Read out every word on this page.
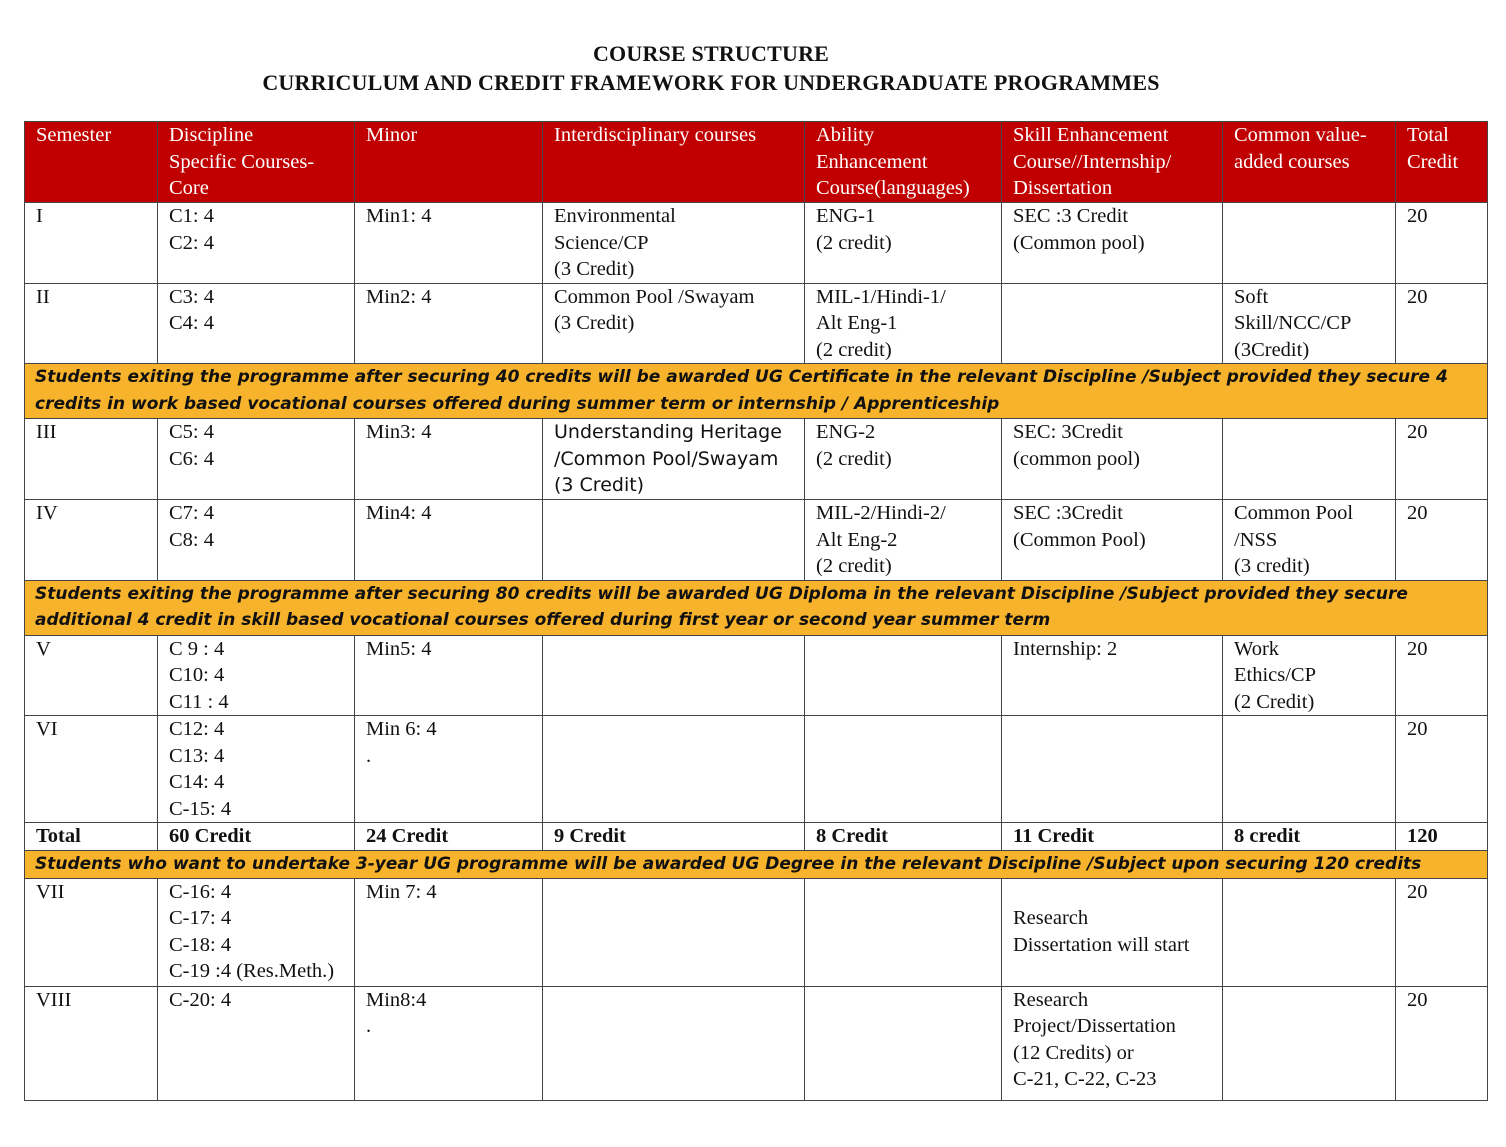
COURSE STRUCTURE
CURRICULUM AND CREDIT FRAMEWORK FOR UNDERGRADUATE PROGRAMMES
Semester	Discipline
Specific Courses-
Core	Minor	Interdisciplinary courses	Ability
Enhancement
Course(languages)	Skill Enhancement
Course//Internship/
Dissertation	Common value-
added courses	Total
Credit
I	C1: 4
C2: 4	Min1: 4	Environmental
Science/CP
(3 Credit)	ENG-1
(2 credit)	SEC :3 Credit
(Common pool)		20
II	C3: 4
C4: 4	Min2: 4	Common Pool /Swayam
(3 Credit)	MIL-1/Hindi-1/
Alt Eng-1
(2 credit)		Soft
Skill/NCC/CP
(3Credit)	20
Students exiting the programme after securing 40 credits will be awarded UG Certificate in the relevant Discipline /Subject provided they secure 4 credits in work based vocational courses offered during summer term or internship / Apprenticeship							
III	C5: 4
C6: 4	Min3: 4	Understanding Heritage
/Common Pool/Swayam
(3 Credit)	ENG-2
(2 credit)	SEC: 3Credit
(common pool)		20
IV	C7: 4
C8: 4	Min4: 4		MIL-2/Hindi-2/
Alt Eng-2
(2 credit)	SEC :3Credit
(Common Pool)	Common Pool
/NSS
(3 credit)	20
Students exiting the programme after securing 80 credits will be awarded UG Diploma in the relevant Discipline /Subject provided they secure additional 4 credit in skill based vocational courses offered during first year or second year summer term							
V	C 9 : 4
C10: 4
C11 : 4	Min5: 4			Internship: 2	Work
Ethics/CP
(2 Credit)	20
VI	C12: 4
C13: 4
C14: 4
C-15: 4	Min 6: 4
.					20
Total	60 Credit	24 Credit	9 Credit	8 Credit	11 Credit	8 credit	120
Students who want to undertake 3-year UG programme will be awarded UG Degree in the relevant Discipline /Subject upon securing 120 credits							
VII	C-16: 4
C-17: 4
C-18: 4
C-19 :4 (Res.Meth.)	Min 7: 4			
Research
Dissertation will start		20
VIII	C-20: 4	Min8:4
.			Research
Project/Dissertation
(12 Credits) or
C-21, C-22, C-23		20
